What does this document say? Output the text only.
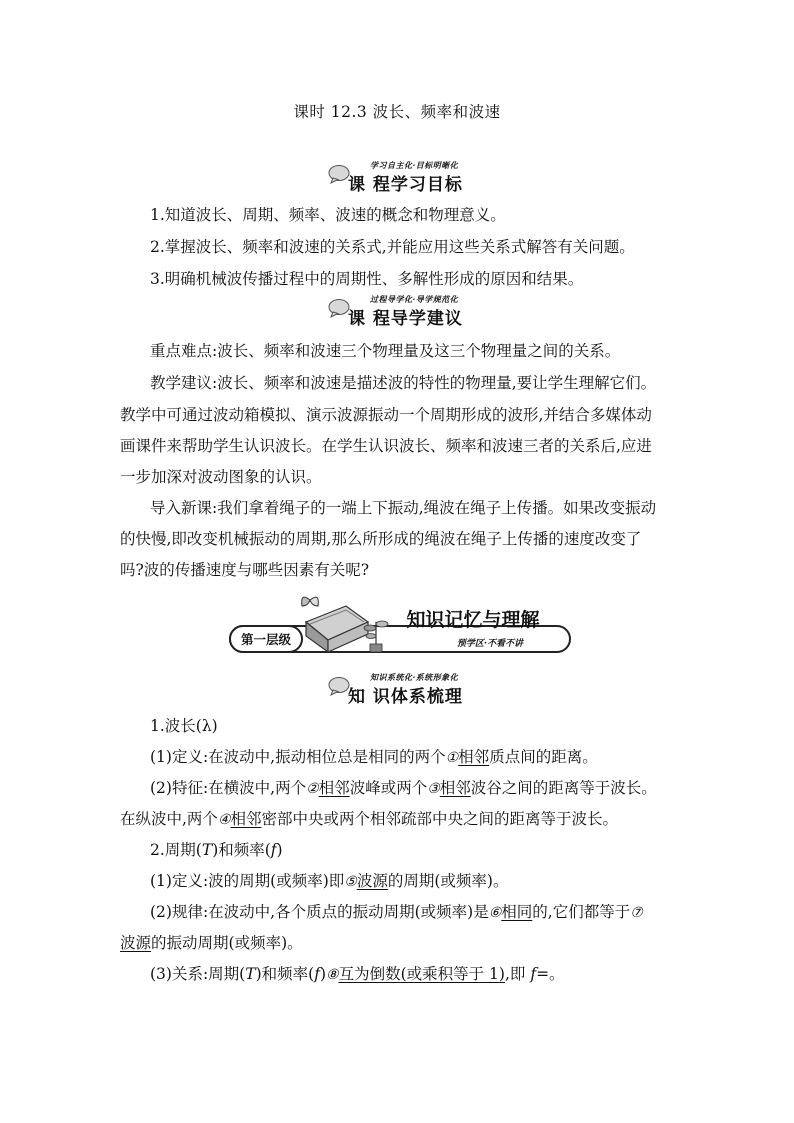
课时 12.3 波长、频率和波速
学习自主化·目标明晰化
课 程学习目标
1.知道波长、周期、频率、波速的概念和物理意义。
2.掌握波长、频率和波速的关系式,并能应用这些关系式解答有关问题。
3.明确机械波传播过程中的周期性、多解性形成的原因和结果。
过程导学化·导学规范化
课 程导学建议
重点难点:波长、频率和波速三个物理量及这三个物理量之间的关系。
教学建议:波长、频率和波速是描述波的特性的物理量,要让学生理解它们。
教学中可通过波动箱模拟、演示波源振动一个周期形成的波形,并结合多媒体动
画课件来帮助学生认识波长。在学生认识波长、频率和波速三者的关系后,应进
一步加深对波动图象的认识。
导入新课:我们拿着绳子的一端上下振动,绳波在绳子上传播。如果改变振动
的快慢,即改变机械振动的周期,那么所形成的绳波在绳子上传播的速度改变了
吗?波的传播速度与哪些因素有关呢?
第一层级
知识记忆与理解
预学区·不看不讲
知识系统化·系统形象化
知 识体系梳理
1.波长(λ)
(1)定义:在波动中,振动相位总是相同的两个①相邻质点间的距离。
(2)特征:在横波中,两个②相邻波峰或两个③相邻波谷之间的距离等于波长。
在纵波中,两个④相邻密部中央或两个相邻疏部中央之间的距离等于波长。
2.周期(T)和频率(f)
(1)定义:波的周期(或频率)即⑤波源的周期(或频率)。
(2)规律:在波动中,各个质点的振动周期(或频率)是⑥相同的,它们都等于⑦
波源的振动周期(或频率)。
(3)关系:周期(T)和频率(f)⑧互为倒数(或乘积等于 1),即 f=。
